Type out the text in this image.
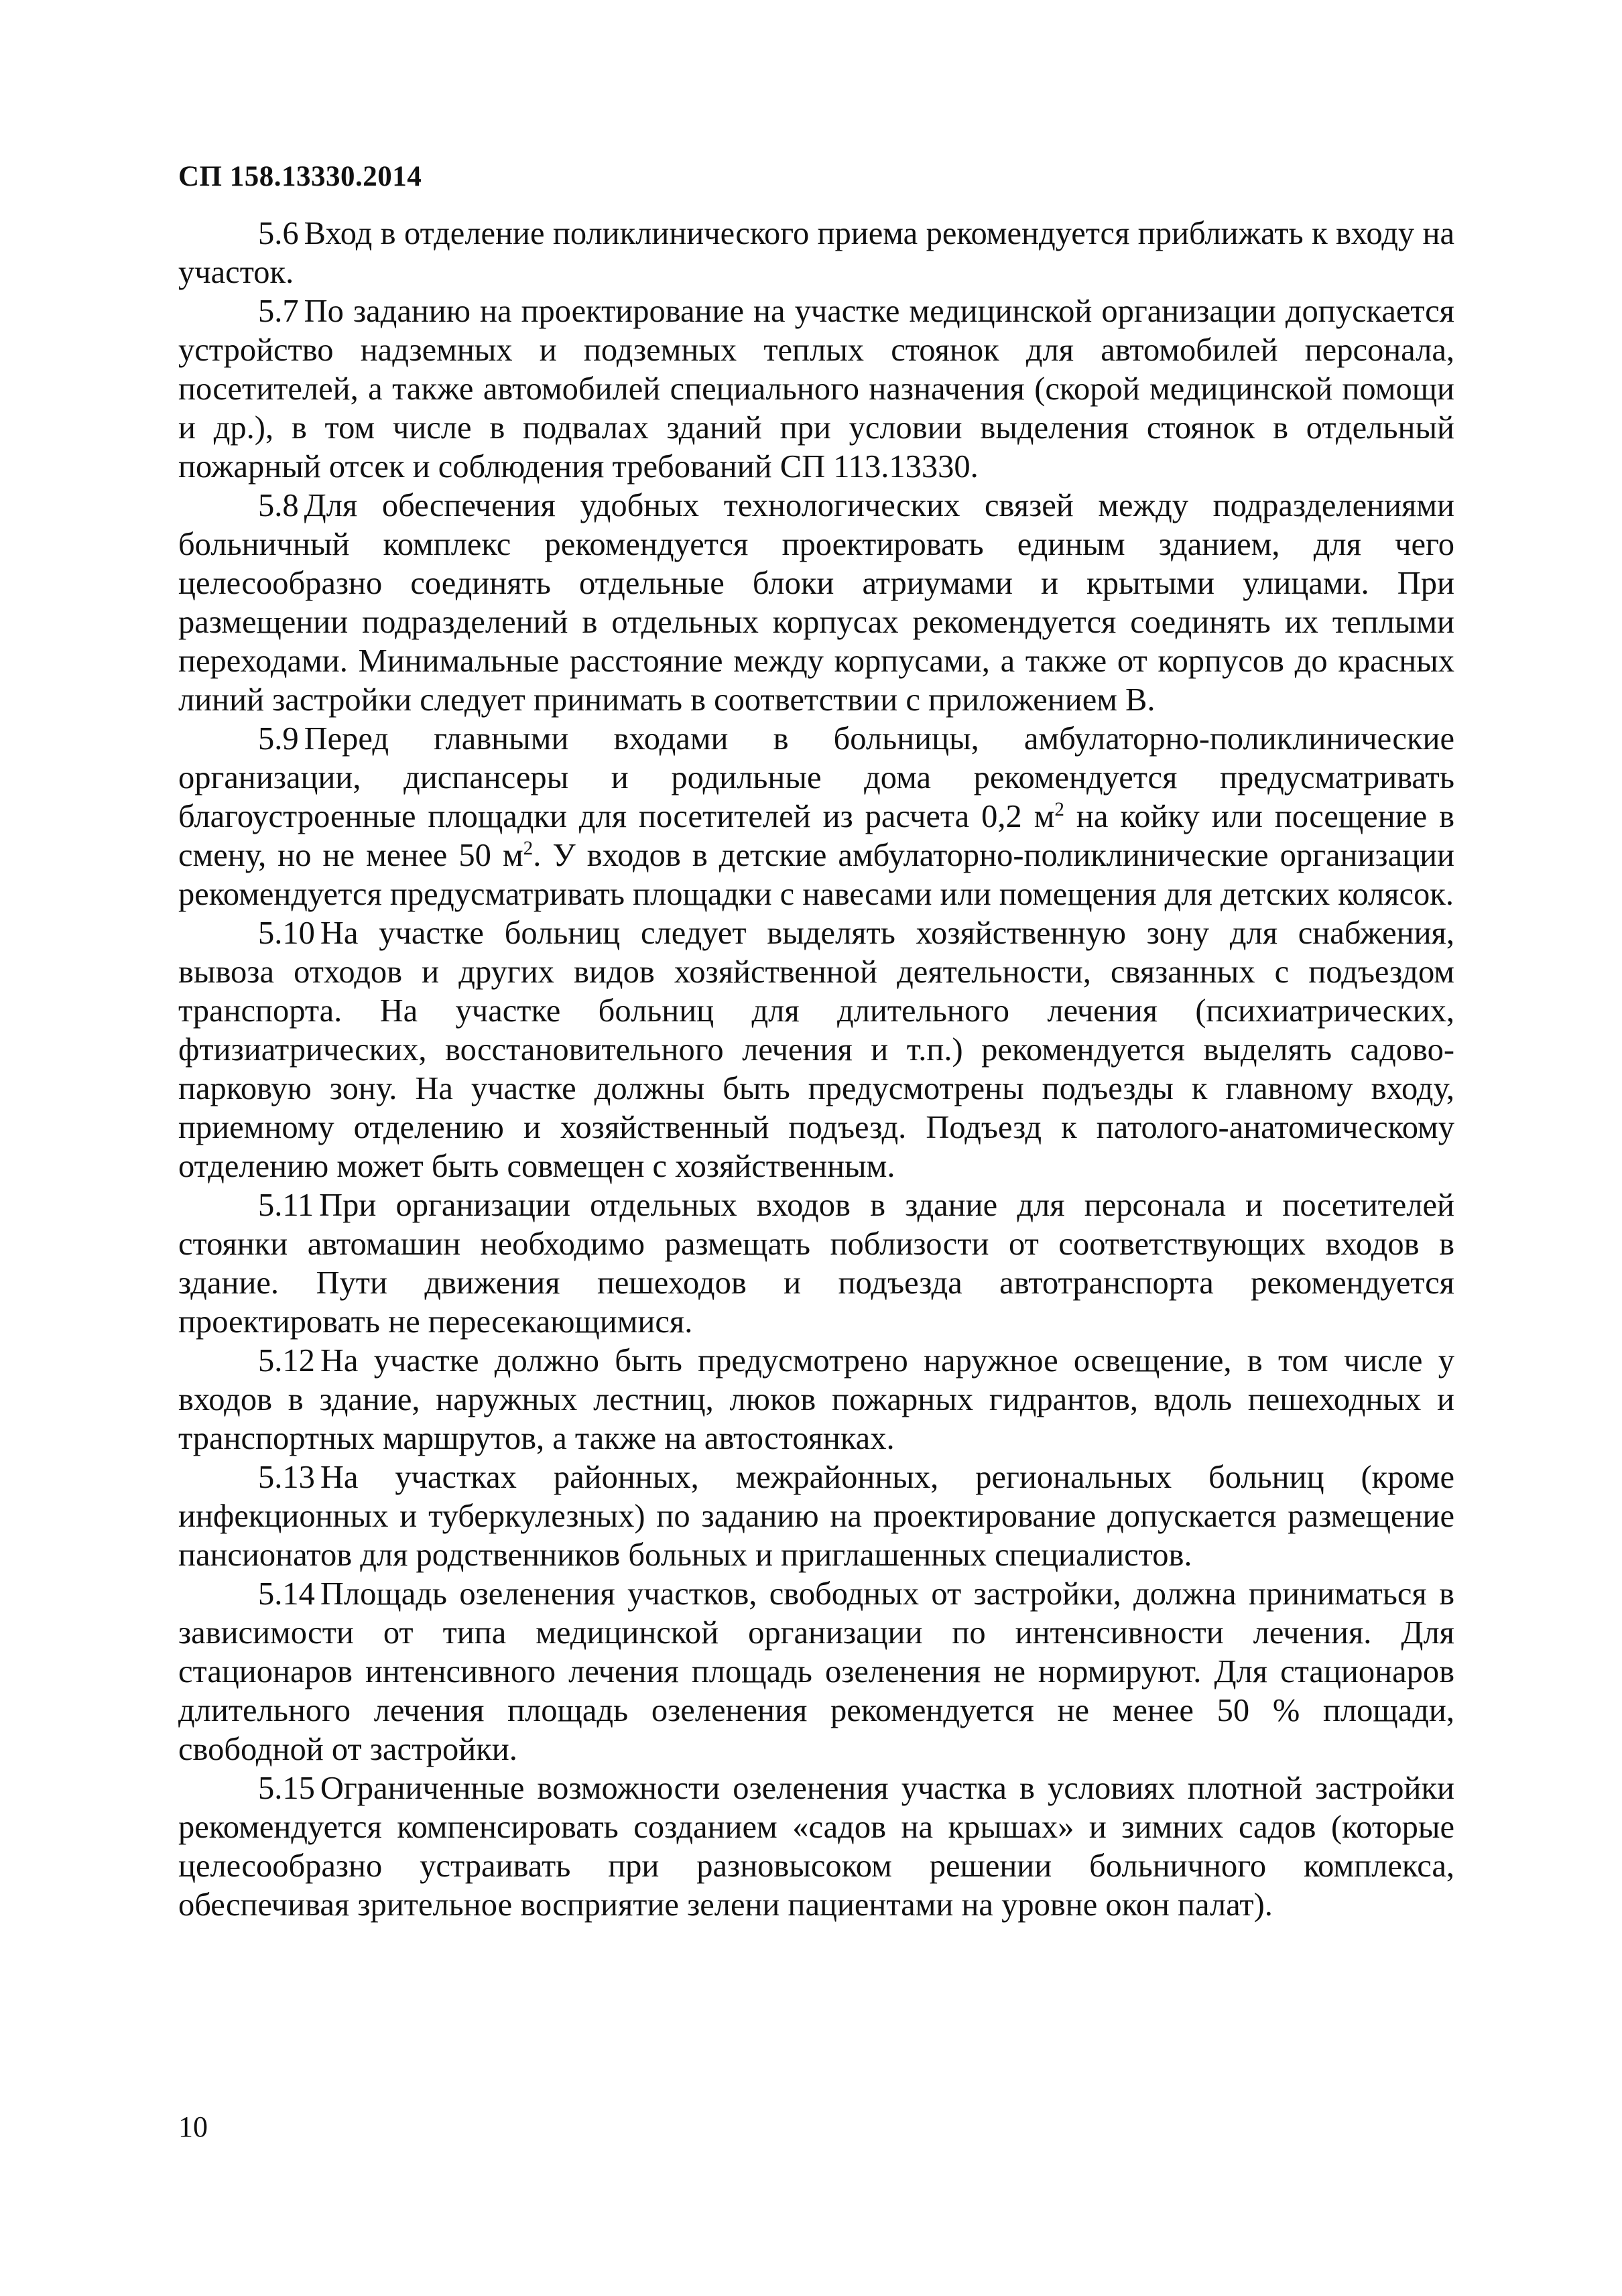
СП 158.13330.2014

5.6 Вход в отделение поликлинического приема рекомендуется приближать к входу на участок.

5.7 По заданию на проектирование на участке медицинской организации допускается устройство надземных и подземных теплых стоянок для автомобилей персонала, посетителей, а также автомобилей специального назначения (скорой медицинской помощи и др.), в том числе в подвалах зданий при условии выделения стоянок в отдельный пожарный отсек и соблюдения требований СП 113.13330.

5.8 Для обеспечения удобных технологических связей между подразделениями больничный комплекс рекомендуется проектировать единым зданием, для чего целесообразно соединять отдельные блоки атриумами и крытыми улицами. При размещении подразделений в отдельных корпусах рекомендуется соединять их теплыми переходами. Минимальные расстояние между корпусами, а также от корпусов до красных линий застройки следует принимать в соответствии с приложением В.

5.9 Перед главными входами в больницы, амбулаторно-поликлинические организации, диспансеры и родильные дома рекомендуется предусматривать благоустроенные площадки для посетителей из расчета 0,2 $м^2$ на койку или посещение в смену, но не менее 50 $м^2$. У входов в детские амбулаторно-поликлинические организации рекомендуется предусматривать площадки с навесами или помещения для детских колясок.

5.10 На участке больниц следует выделять хозяйственную зону для снабжения, вывоза отходов и других видов хозяйственной деятельности, связанных с подъездом транспорта. На участке больниц для длительного лечения (психиатрических, фтизиатрических, восстановительного лечения и т.п.) рекомендуется выделять садово-парковую зону. На участке должны быть предусмотрены подъезды к главному входу, приемному отделению и хозяйственный подъезд. Подъезд к патолого-анатомическому отделению может быть совмещен с хозяйственным.

5.11 При организации отдельных входов в здание для персонала и посетителей стоянки автомашин необходимо размещать поблизости от соответствующих входов в здание. Пути движения пешеходов и подъезда автотранспорта рекомендуется проектировать не пересекающимися.

5.12 На участке должно быть предусмотрено наружное освещение, в том числе у входов в здание, наружных лестниц, люков пожарных гидрантов, вдоль пешеходных и транспортных маршрутов, а также на автостоянках.

5.13 На участках районных, межрайонных, региональных больниц (кроме инфекционных и туберкулезных) по заданию на проектирование допускается размещение пансионатов для родственников больных и приглашенных специалистов.

5.14 Площадь озеленения участков, свободных от застройки, должна приниматься в зависимости от типа медицинской организации по интенсивности лечения. Для стационаров интенсивного лечения площадь озеленения не нормируют. Для стационаров длительного лечения площадь озеленения рекомендуется не менее 50 % площади, свободной от застройки.

5.15 Ограниченные возможности озеленения участка в условиях плотной застройки рекомендуется компенсировать созданием «садов на крышах» и зимних садов (которые целесообразно устраивать при разновысоком решении больничного комплекса, обеспечивая зрительное восприятие зелени пациентами на уровне окон палат).

10
